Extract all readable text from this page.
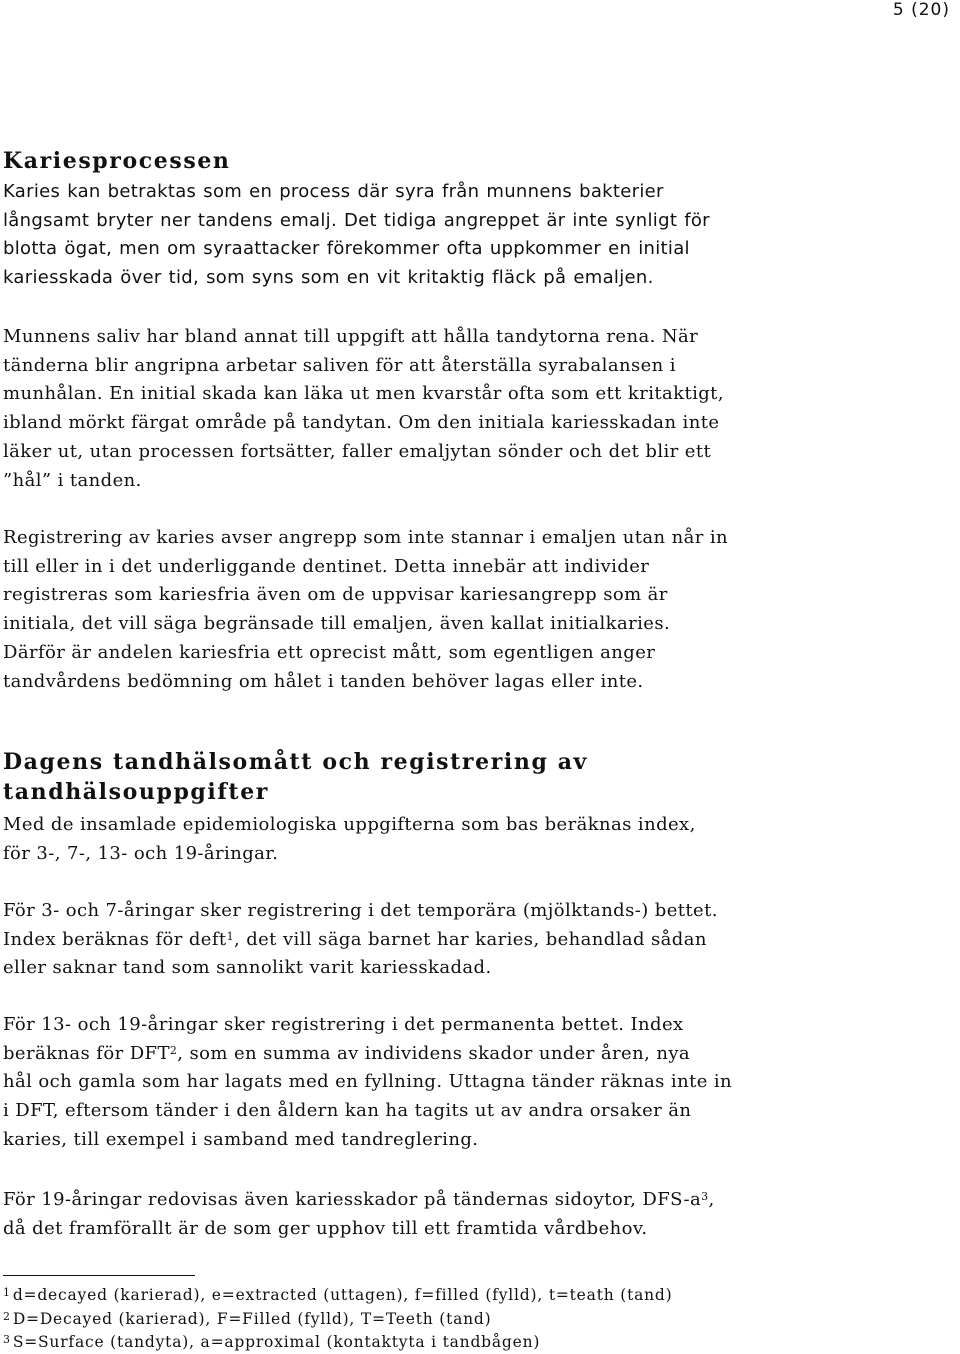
5 (20)
Kariesprocessen

Karies kan betraktas som en process där syra från munnens bakterier
långsamt bryter ner tandens emalj. Det tidiga angreppet är inte synligt för
blotta ögat, men om syraattacker förekommer ofta uppkommer en initial
kariesskada över tid, som syns som en vit kritaktig fläck på emaljen.

Munnens saliv har bland annat till uppgift att hålla tandytorna rena. När
tänderna blir angripna arbetar saliven för att återställa syrabalansen i
munhålan. En initial skada kan läka ut men kvarstår ofta som ett kritaktigt,
ibland mörkt färgat område på tandytan. Om den initiala kariesskadan inte
läker ut, utan processen fortsätter, faller emaljytan sönder och det blir ett
”hål” i tanden.

Registrering av karies avser angrepp som inte stannar i emaljen utan når in
till eller in i det underliggande dentinet. Detta innebär att individer
registreras som kariesfria även om de uppvisar kariesangrepp som är
initiala, det vill säga begränsade till emaljen, även kallat initialkaries.
Därför är andelen kariesfria ett oprecist mått, som egentligen anger
tandvårdens bedömning om hålet i tanden behöver lagas eller inte.

Dagens tandhälsomått och registrering av
tandhälsouppgifter

Med de insamlade epidemiologiska uppgifterna som bas beräknas index,
för 3-, 7-, 13- och 19-åringar.

För 3- och 7-åringar sker registrering i det temporära (mjölktands-) bettet.
Index beräknas för deft$^1$, det vill säga barnet har karies, behandlad sådan
eller saknar tand som sannolikt varit kariesskadad.

För 13- och 19-åringar sker registrering i det permanenta bettet. Index
beräknas för DFT$^2$, som en summa av individens skador under åren, nya
hål och gamla som har lagats med en fyllning. Uttagna tänder räknas inte in
i DFT, eftersom tänder i den åldern kan ha tagits ut av andra orsaker än
karies, till exempel i samband med tandreglering.

För 19-åringar redovisas även kariesskador på tändernas sidoytor, DFS-$a^3$,
då det framförallt är de som ger upphov till ett framtida vårdbehov.

$^1$ d=decayed (karierad), e=extracted (uttagen), f=filled (fylld), t=teath (tand)

$^2$ D=Decayed (karierad), F=Filled (fylld), T=Teeth (tand)

$^3$ S=Surface (tandyta), a=approximal (kontaktyta i tandbågen)
